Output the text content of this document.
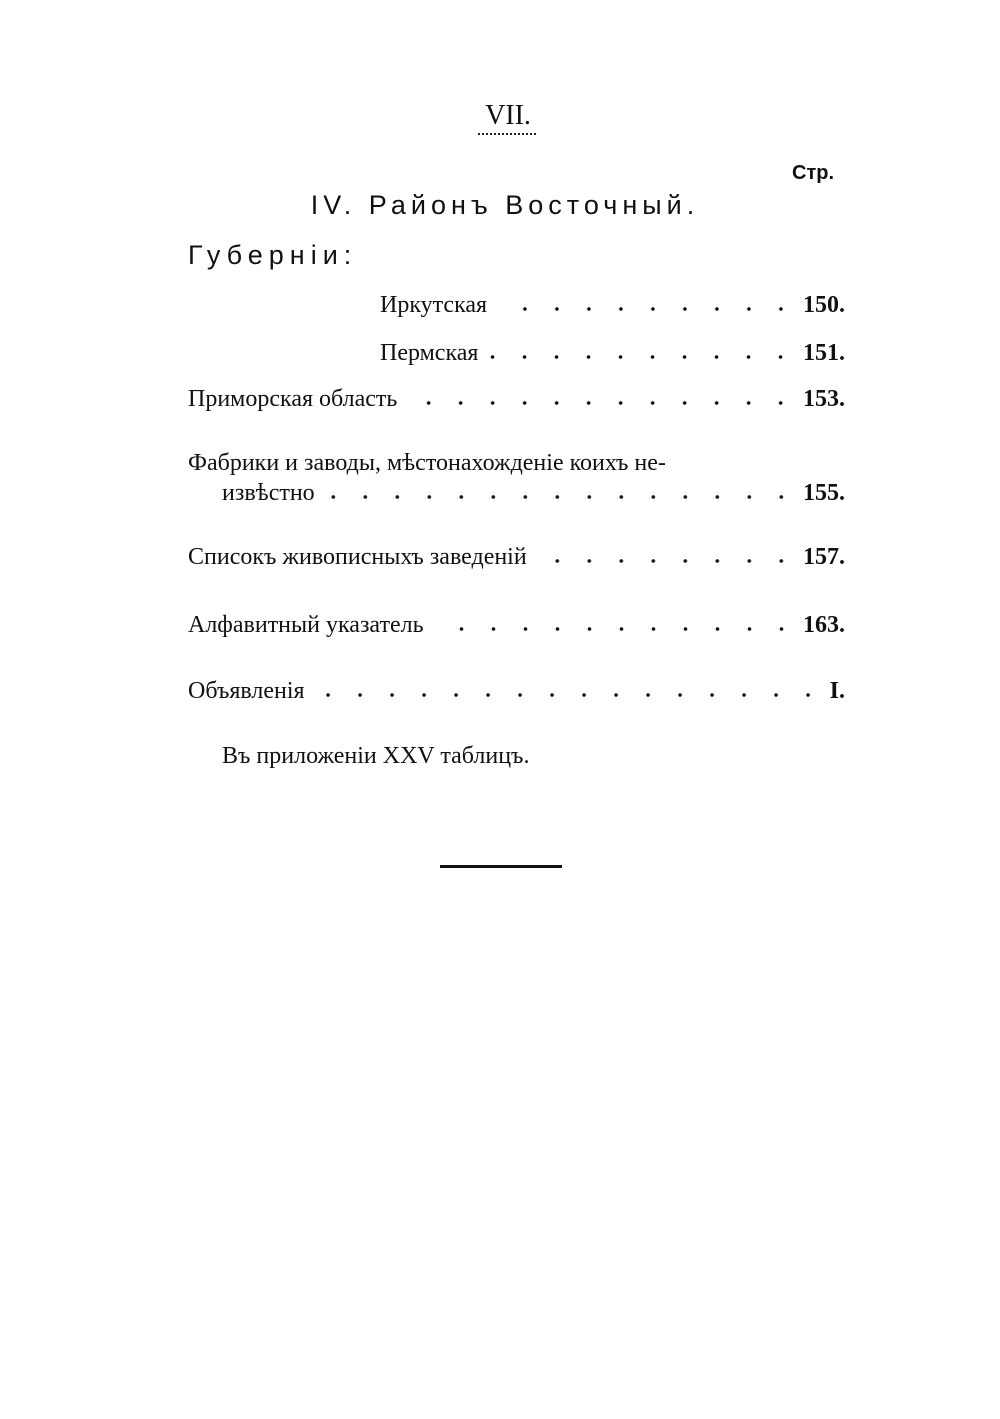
VII.
Стр.
IV. Районъ Восточный.
Губерніи:
Иркутская	150.
Пермская	151.
Приморская область	153.
Фабрики и заводы, мѣстонахожденіе коихъ не-
извѣстно	155.
Списокъ живописныхъ заведеній	157.
Алфавитный указатель	163.
Объявленія	I.
Въ приложеніи XXV таблицъ.
